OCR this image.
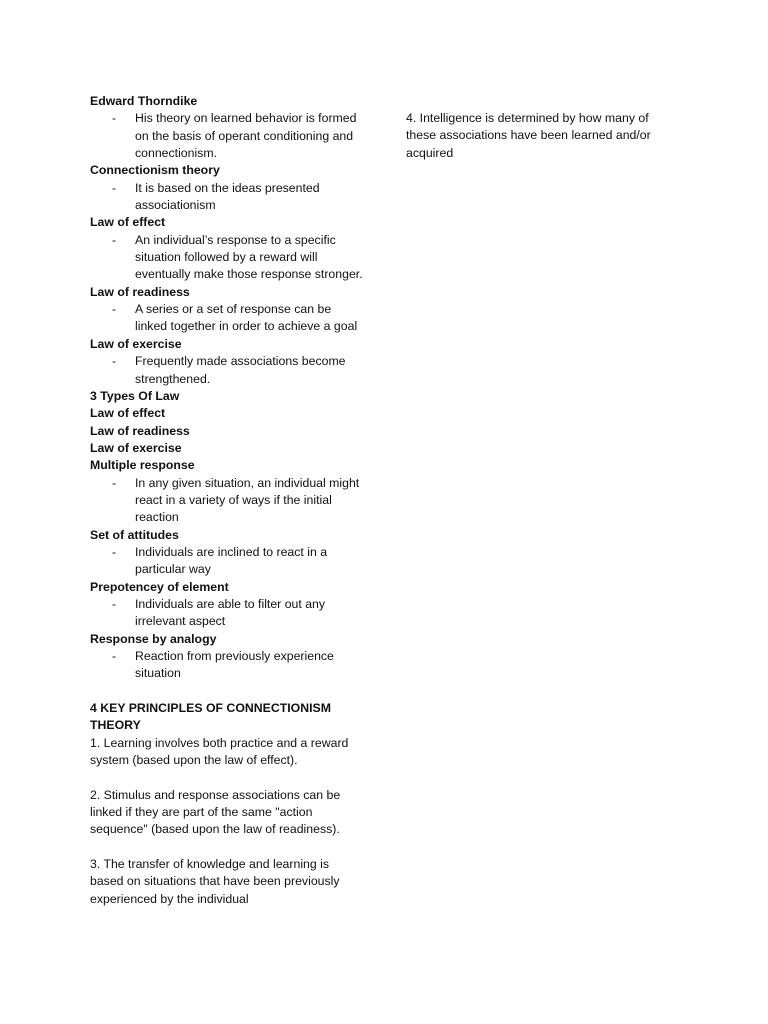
Edward Thorndike

- His theory on learned behavior is formed on the basis of operant conditioning and connectionism.

Connectionism theory

- It is based on the ideas presented associationism

Law of effect

- An individual’s response to a specific situation followed by a reward will eventually make those response stronger.

Law of readiness

- A series or a set of response can be linked together in order to achieve a goal

Law of exercise

- Frequently made associations become strengthened.

3 Types Of Law

Law of effect

Law of readiness

Law of exercise

Multiple response

- In any given situation, an individual might react in a variety of ways if the initial reaction

Set of attitudes

- Individuals are inclined to react in a particular way

Prepotencey of element

- Individuals are able to filter out any irrelevant aspect

Response by analogy

- Reaction from previously experience situation

4 KEY PRINCIPLES OF CONNECTIONISM THEORY

1. Learning involves both practice and a reward system (based upon the law of effect).

2. Stimulus and response associations can be linked if they are part of the same "action sequence" (based upon the law of readiness).

3. The transfer of knowledge and learning is based on situations that have been previously experienced by the individual

4. Intelligence is determined by how many of these associations have been learned and/or acquired
